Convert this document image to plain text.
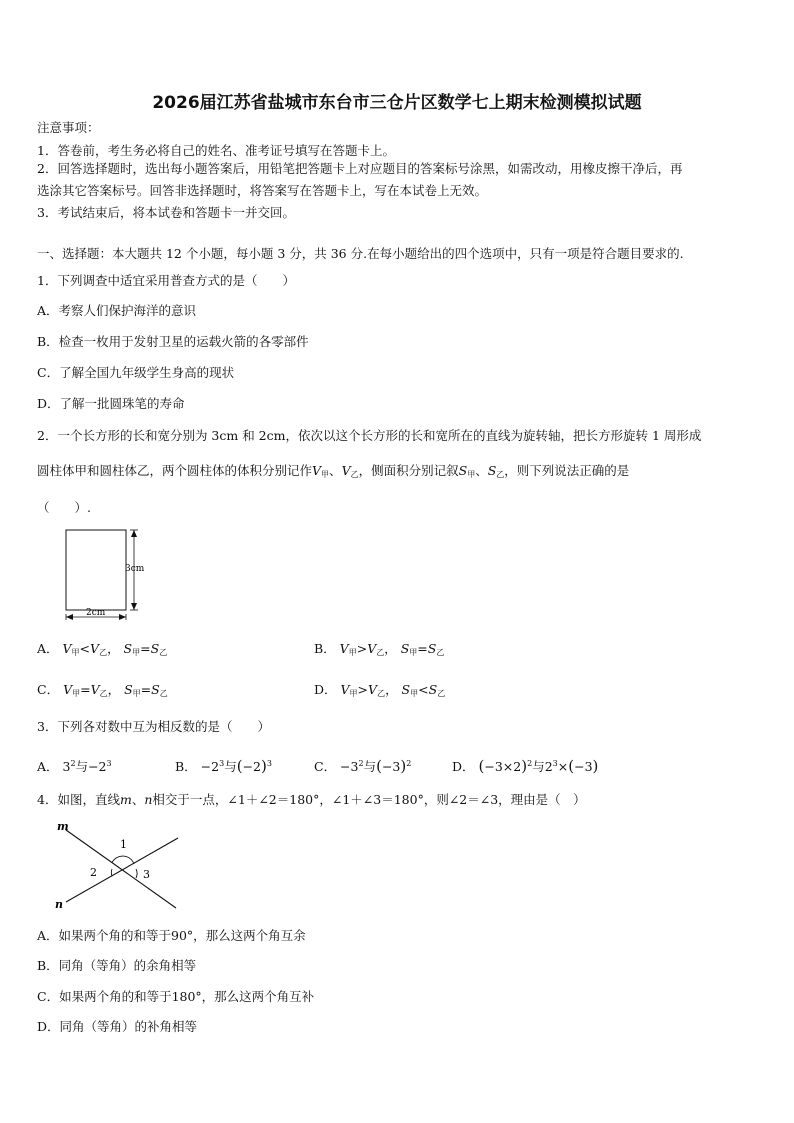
2026届江苏省盐城市东台市三仓片区数学七上期末检测模拟试题
注意事项：
1．答卷前，考生务必将自己的姓名、准考证号填写在答题卡上。
2．回答选择题时，选出每小题答案后，用铅笔把答题卡上对应题目的答案标号涂黑，如需改动，用橡皮擦干净后，再
选涂其它答案标号。回答非选择题时，将答案写在答题卡上，写在本试卷上无效。
3．考试结束后，将本试卷和答题卡一并交回。
一、选择题：本大题共 12 个小题，每小题 3 分，共 36 分.在每小题给出的四个选项中，只有一项是符合题目要求的.
1．下列调查中适宜采用普查方式的是（　　）
A．考察人们保护海洋的意识
B．检查一枚用于发射卫星的运载火箭的各零部件
C．了解全国九年级学生身高的现状
D．了解一批圆珠笔的寿命
2．一个长方形的长和宽分别为 3cm 和 2cm，依次以这个长方形的长和宽所在的直线为旋转轴，把长方形旋转 1 周形成
圆柱体甲和圆柱体乙，两个圆柱体的体积分别记作$V_甲$、$V_乙$，侧面积分别记叙$S_甲$、$S_乙$，则下列说法正确的是
（　　）.
3cm
2cm
A． $V_甲<V_乙$， $S_甲=S_乙$	B． $V_甲>V_乙$， $S_甲=S_乙$
C． $V_甲=V_乙$， $S_甲=S_乙$	D． $V_甲>V_乙$， $S_甲<S_乙$
3．下列各对数中互为相反数的是（　　）
A． $3^2$与$-2^3$	B． $-2^3$与$(-2)^3$	C． $-3^2$与$(-3)^2$	D． $(-3\times 2)^2$与$2^3\times(-3)$
4．如图，直线m、n相交于一点，∠1＋∠2＝180°，∠1＋∠3＝180°，则∠2＝∠3，理由是（　）
m
n
1
2	3
A．如果两个角的和等于90°，那么这两个角互余
B．同角（等角）的余角相等
C．如果两个角的和等于180°，那么这两个角互补
D．同角（等角）的补角相等
